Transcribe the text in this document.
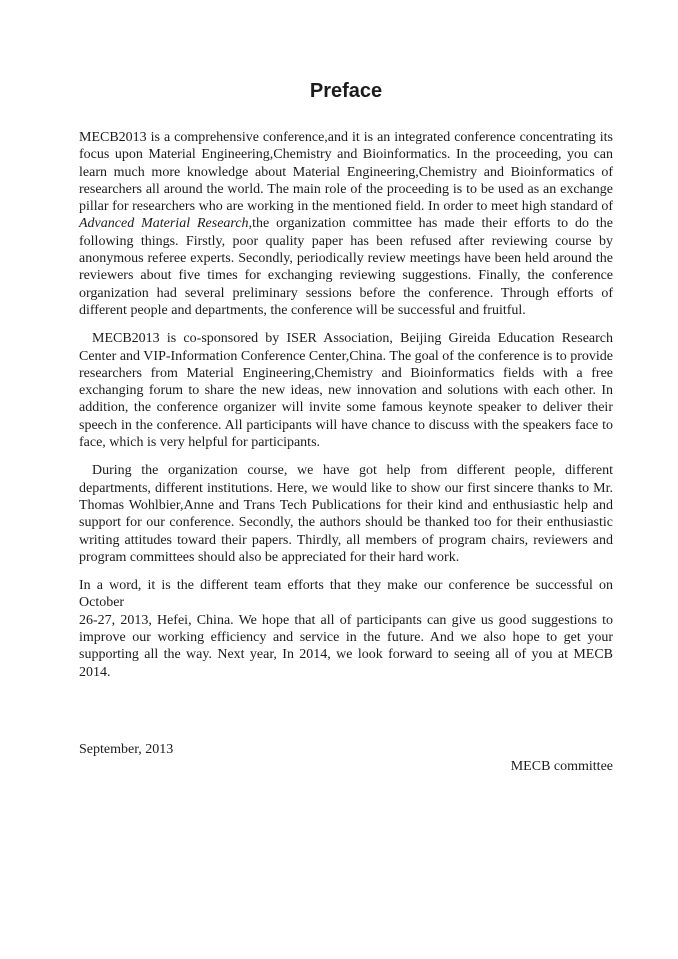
Preface

MECB2013 is a comprehensive conference,and it is an integrated conference concentrating its focus upon Material Engineering,Chemistry and Bioinformatics. In the proceeding, you can learn much more knowledge about Material Engineering,Chemistry and Bioinformatics of researchers all around the world. The main role of the proceeding is to be used as an exchange pillar for researchers who are working in the mentioned field. In order to meet high standard of Advanced Material Research,the organization committee has made their efforts to do the following things. Firstly, poor quality paper has been refused after reviewing course by anonymous referee experts. Secondly, periodically review meetings have been held around the reviewers about five times for exchanging reviewing suggestions. Finally, the conference organization had several preliminary sessions before the conference. Through efforts of different people and departments, the conference will be successful and fruitful.

MECB2013 is co-sponsored by ISER Association, Beijing Gireida Education Research Center and VIP-Information Conference Center,China. The goal of the conference is to provide researchers from Material Engineering,Chemistry and Bioinformatics fields with a free exchanging forum to share the new ideas, new innovation and solutions with each other. In addition, the conference organizer will invite some famous keynote speaker to deliver their speech in the conference. All participants will have chance to discuss with the speakers face to face, which is very helpful for participants.

During the organization course, we have got help from different people, different departments, different institutions. Here, we would like to show our first sincere thanks to Mr. Thomas Wohlbier,Anne and Trans Tech Publications for their kind and enthusiastic help and support for our conference. Secondly, the authors should be thanked too for their enthusiastic writing attitudes toward their papers. Thirdly, all members of program chairs, reviewers and program committees should also be appreciated for their hard work.

In a word, it is the different team efforts that they make our conference be successful on October
26-27, 2013, Hefei, China. We hope that all of participants can give us good suggestions to improve our working efficiency and service in the future. And we also hope to get your supporting all the way. Next year, In 2014, we look forward to seeing all of you at MECB 2014.

September, 2013
MECB committee
